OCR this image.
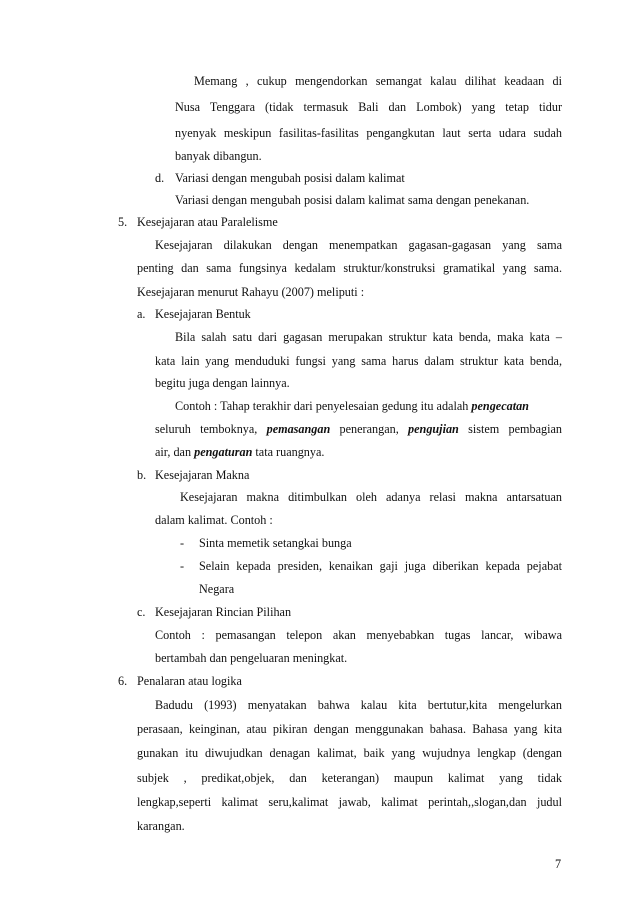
Memang , cukup mengendorkan semangat kalau dilihat keadaan di
Nusa Tenggara (tidak termasuk Bali dan Lombok) yang tetap tidur
nyenyak meskipun fasilitas-fasilitas pengangkutan laut serta udara sudah
banyak dibangun.
d. Variasi dengan mengubah posisi dalam kalimat
Variasi dengan mengubah posisi dalam kalimat sama dengan penekanan.
5. Kesejajaran atau Paralelisme
Kesejajaran dilakukan dengan menempatkan gagasan-gagasan yang sama
penting dan sama fungsinya kedalam struktur/konstruksi gramatikal yang sama.
Kesejajaran menurut Rahayu (2007) meliputi :
a. Kesejajaran Bentuk
Bila salah satu dari gagasan merupakan struktur kata benda, maka kata –
kata lain yang menduduki fungsi yang sama harus dalam struktur kata benda,
begitu juga dengan lainnya.
Contoh : Tahap terakhir dari penyelesaian gedung itu adalah pengecatan
seluruh temboknya, pemasangan penerangan, pengujian sistem pembagian
air, dan pengaturan tata ruangnya.
b. Kesejajaran Makna
Kesejajaran makna ditimbulkan oleh adanya relasi makna antarsatuan
dalam kalimat. Contoh :
- Sinta memetik setangkai bunga
- Selain kepada presiden, kenaikan gaji juga diberikan kepada pejabat
Negara
c. Kesejajaran Rincian Pilihan
Contoh : pemasangan telepon akan menyebabkan tugas lancar, wibawa
bertambah dan pengeluaran meningkat.
6. Penalaran atau logika
Badudu (1993) menyatakan bahwa kalau kita bertutur,kita mengelurkan
perasaan, keinginan, atau pikiran dengan menggunakan bahasa. Bahasa yang kita
gunakan itu diwujudkan denagan kalimat, baik yang wujudnya lengkap (dengan
subjek , predikat,objek, dan keterangan) maupun kalimat yang tidak
lengkap,seperti kalimat seru,kalimat jawab, kalimat perintah,,slogan,dan judul
karangan.
7
